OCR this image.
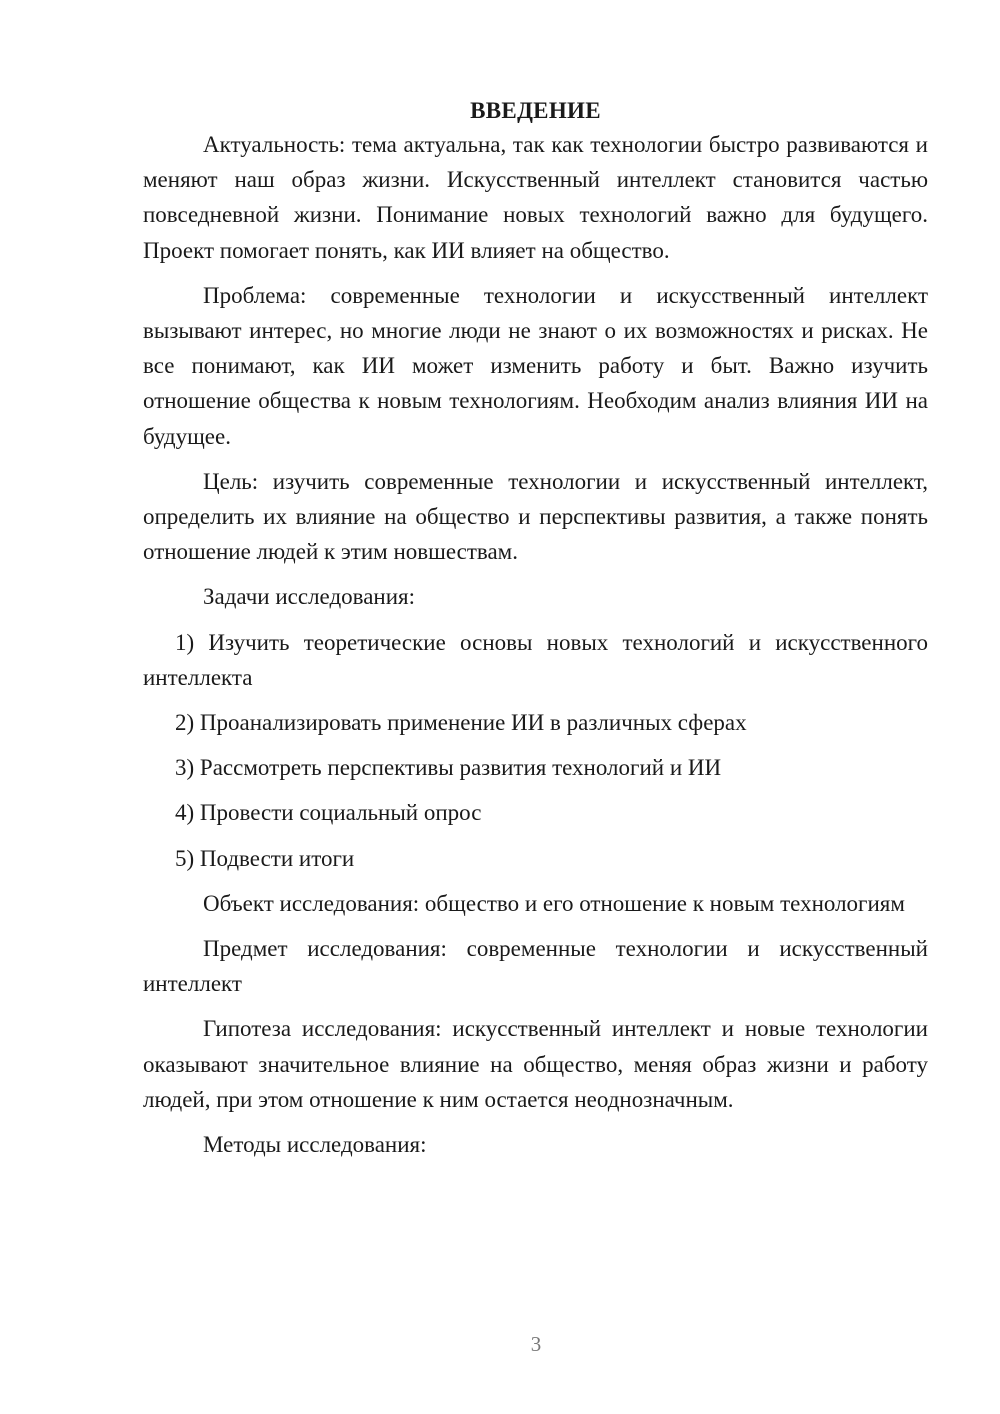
ВВЕДЕНИЕ

Актуальность: тема актуальна, так как технологии быстро развиваются и меняют наш образ жизни. Искусственный интеллект становится частью повседневной жизни. Понимание новых технологий важно для будущего. Проект помогает понять, как ИИ влияет на общество.

Проблема: современные технологии и искусственный интеллект вызывают интерес, но многие люди не знают о их возможностях и рисках. Не все понимают, как ИИ может изменить работу и быт. Важно изучить отношение общества к новым технологиям. Необходим анализ влияния ИИ на будущее.

Цель: изучить современные технологии и искусственный интеллект, определить их влияние на общество и перспективы развития, а также понять отношение людей к этим новшествам.

Задачи исследования:

1) Изучить теоретические основы новых технологий и искусственного интеллекта

2) Проанализировать применение ИИ в различных сферах

3) Рассмотреть перспективы развития технологий и ИИ

4) Провести социальный опрос

5) Подвести итоги

Объект исследования: общество и его отношение к новым технологиям

Предмет исследования: современные технологии и искусственный интеллект

Гипотеза исследования: искусственный интеллект и новые технологии оказывают значительное влияние на общество, меняя образ жизни и работу людей, при этом отношение к ним остается неоднозначным.

Методы исследования:

3
